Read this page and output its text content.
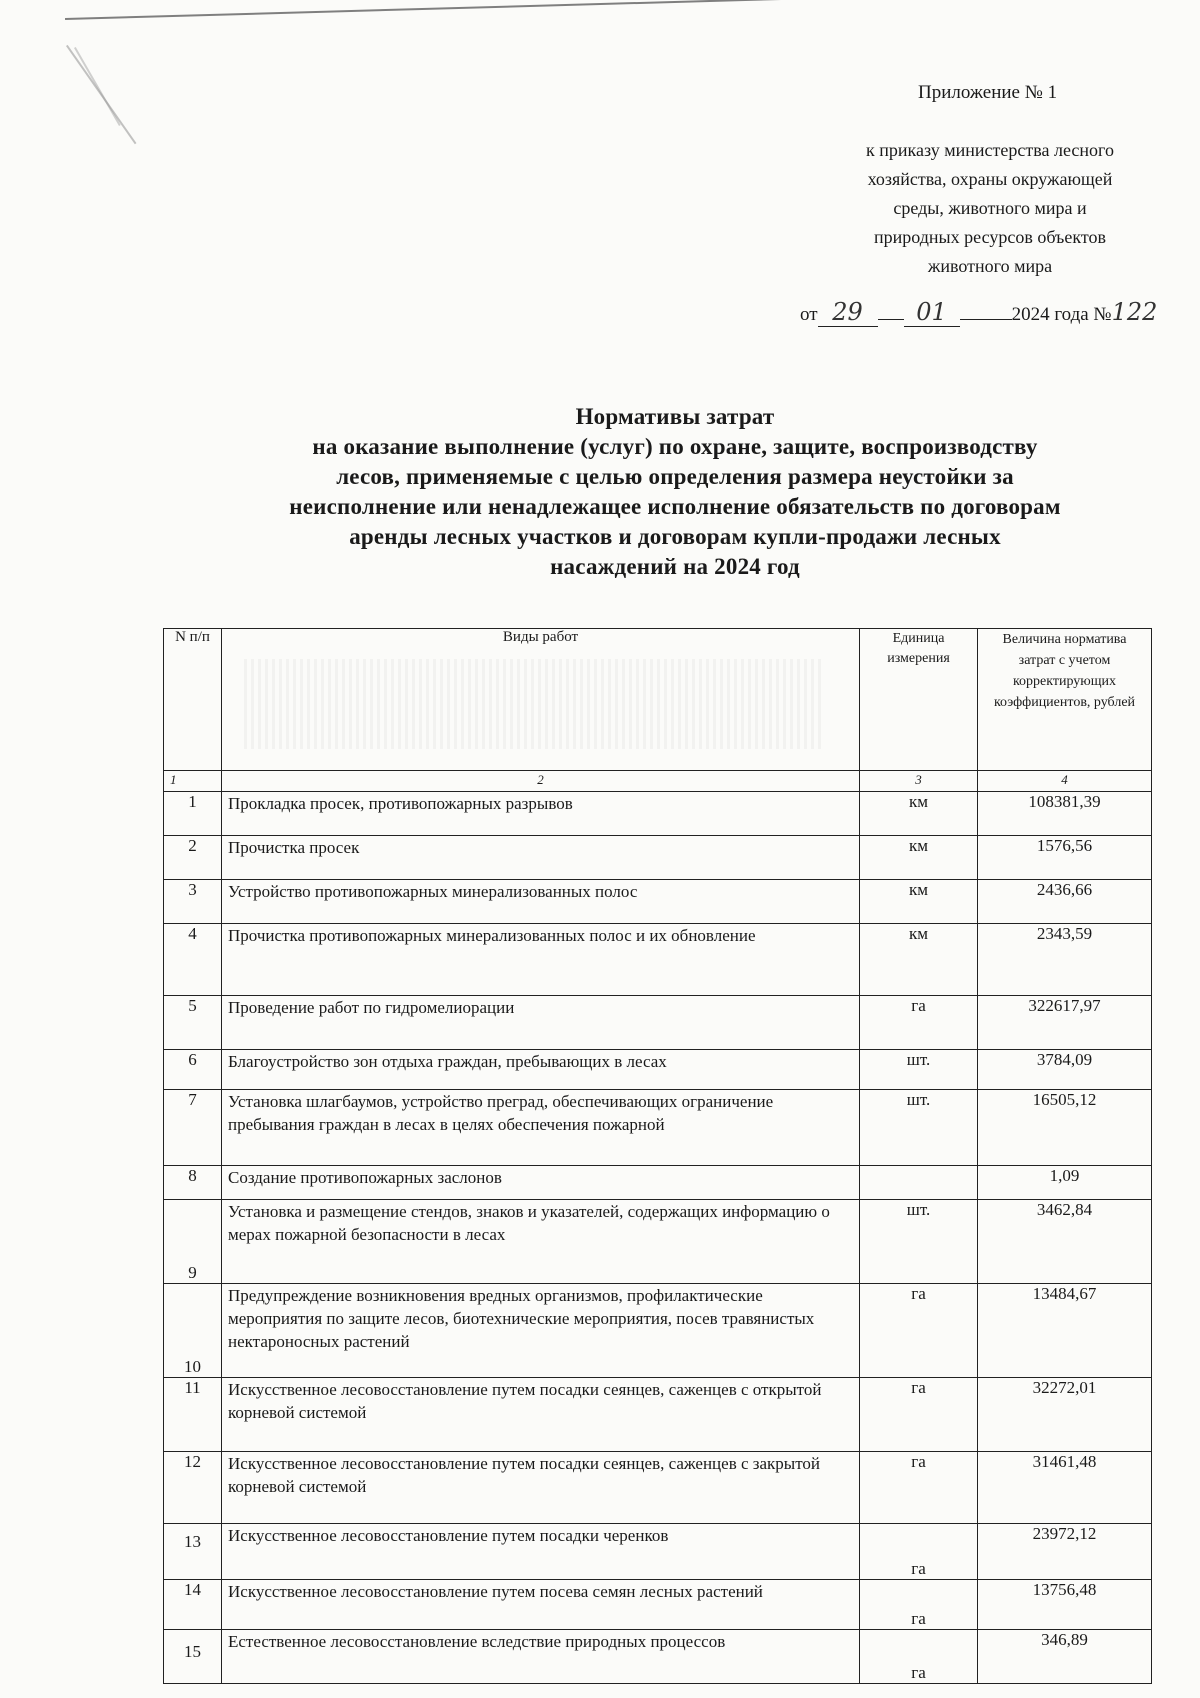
Приложение № 1
к приказу министерства лесного
хозяйства, охраны окружающей
среды, животного мира и
природных ресурсов объектов
животного мира
от 29 01	2024 года №122
Нормативы затрат
на оказание выполнение (услуг) по охране, защите, воспроизводству
лесов, применяемые с целью определения размера неустойки за
неисполнение или ненадлежащее исполнение обязательств по договорам
аренды лесных участков и договорам купли-продажи лесных
насаждений на 2024 год
N п/п	Виды работ	Единица измерения	Величина норматива затрат с учетом корректирующих коэффициентов, рублей
1	2	3	4
1	Прокладка просек, противопожарных разрывов	км	108381,39
2	Прочистка просек	км	1576,56
3	Устройство противопожарных минерализованных полос	км	2436,66
4	Прочистка противопожарных минерализованных полос и их обновление	км	2343,59
5	Проведение работ по гидромелиорации	га	322617,97
6	Благоустройство зон отдыха граждан, пребывающих в лесах	шт.	3784,09
7	Установка шлагбаумов, устройство преград, обеспечивающих ограничение пребывания граждан в лесах в целях обеспечения пожарной	шт.	16505,12
8	Создание противопожарных заслонов		1,09
9	Установка и размещение стендов, знаков и указателей, содержащих информацию о мерах пожарной безопасности в лесах	шт.	3462,84
10	Предупреждение возникновения вредных организмов, профилактические мероприятия по защите лесов, биотехнические мероприятия, посев травянистых нектароносных растений	га	13484,67
11	Искусственное лесовосстановление путем посадки сеянцев, саженцев с открытой корневой системой	га	32272,01
12	Искусственное лесовосстановление путем посадки сеянцев, саженцев с закрытой корневой системой	га	31461,48
13	Искусственное лесовосстановление путем посадки черенков	га	23972,12
14	Искусственное лесовосстановление путем посева семян лесных растений	га	13756,48
15	Естественное лесовосстановление вследствие природных процессов	га	346,89
